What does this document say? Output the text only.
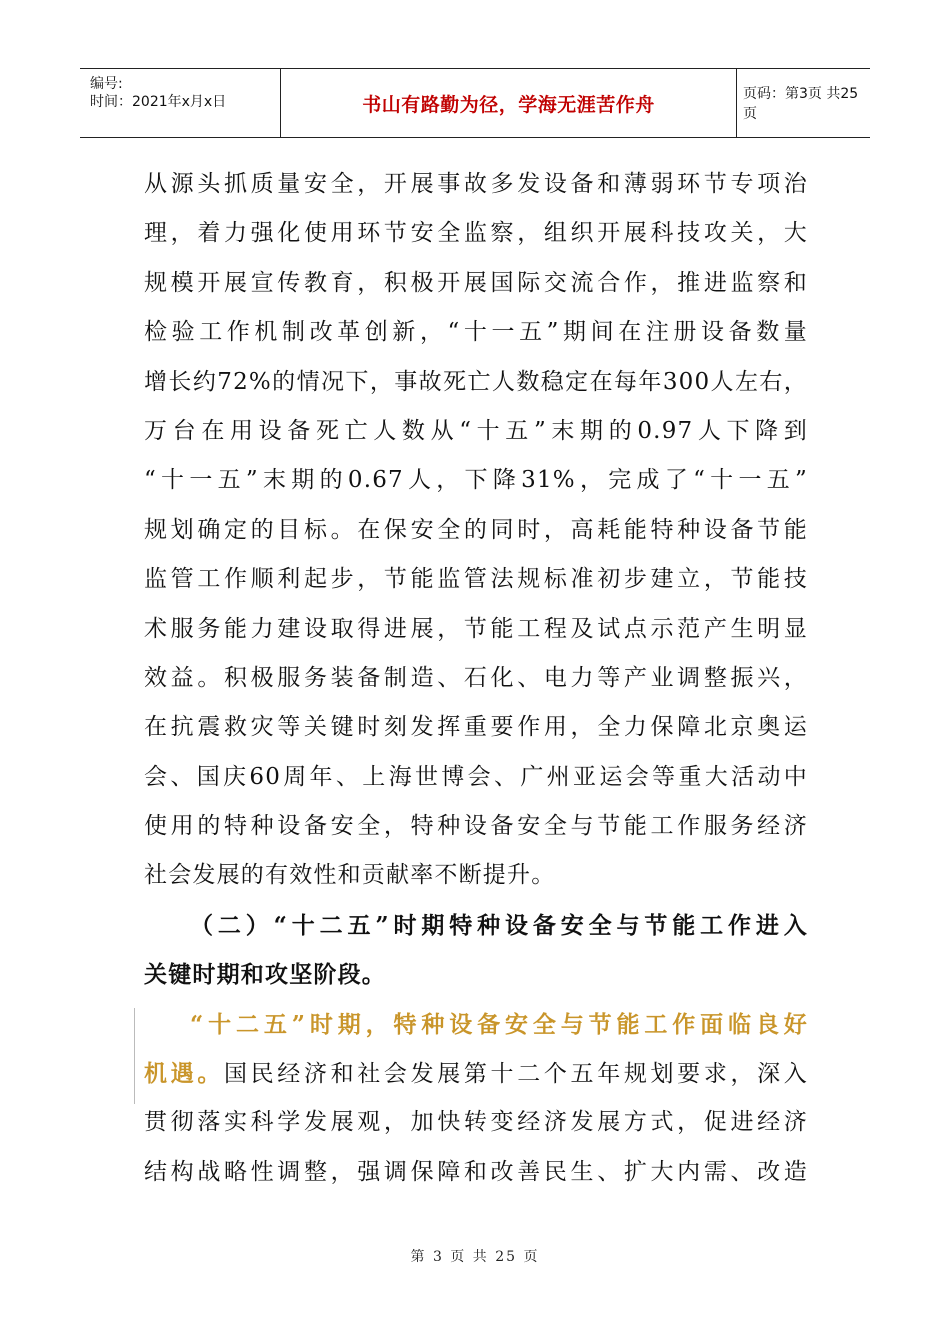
编号:
时间：2021年x月x日	书山有路勤为径，学海无涯苦作舟	页码：第3页 共25页
从源头抓质量安全，开展事故多发设备和薄弱环节专项治
理，着力强化使用环节安全监察，组织开展科技攻关，大
规模开展宣传教育，积极开展国际交流合作，推进监察和
检验工作机制改革创新，“十一五”期间在注册设备数量
增长约72%的情况下，事故死亡人数稳定在每年300人左右，
万台在用设备死亡人数从“十五”末期的0.97人下降到
“十一五”末期的0.67人，下降31%，完成了“十一五”
规划确定的目标。在保安全的同时，高耗能特种设备节能
监管工作顺利起步，节能监管法规标准初步建立，节能技
术服务能力建设取得进展，节能工程及试点示范产生明显
效益。积极服务装备制造、石化、电力等产业调整振兴，
在抗震救灾等关键时刻发挥重要作用，全力保障北京奥运
会、国庆60周年、上海世博会、广州亚运会等重大活动中
使用的特种设备安全，特种设备安全与节能工作服务经济
社会发展的有效性和贡献率不断提升。
（二）“十二五”时期特种设备安全与节能工作进入
关键时期和攻坚阶段。
“十二五”时期，特种设备安全与节能工作面临良好
机遇。国民经济和社会发展第十二个五年规划要求，深入
贯彻落实科学发展观，加快转变经济发展方式，促进经济
结构战略性调整，强调保障和改善民生、扩大内需、改造
第 3 页 共 25 页
